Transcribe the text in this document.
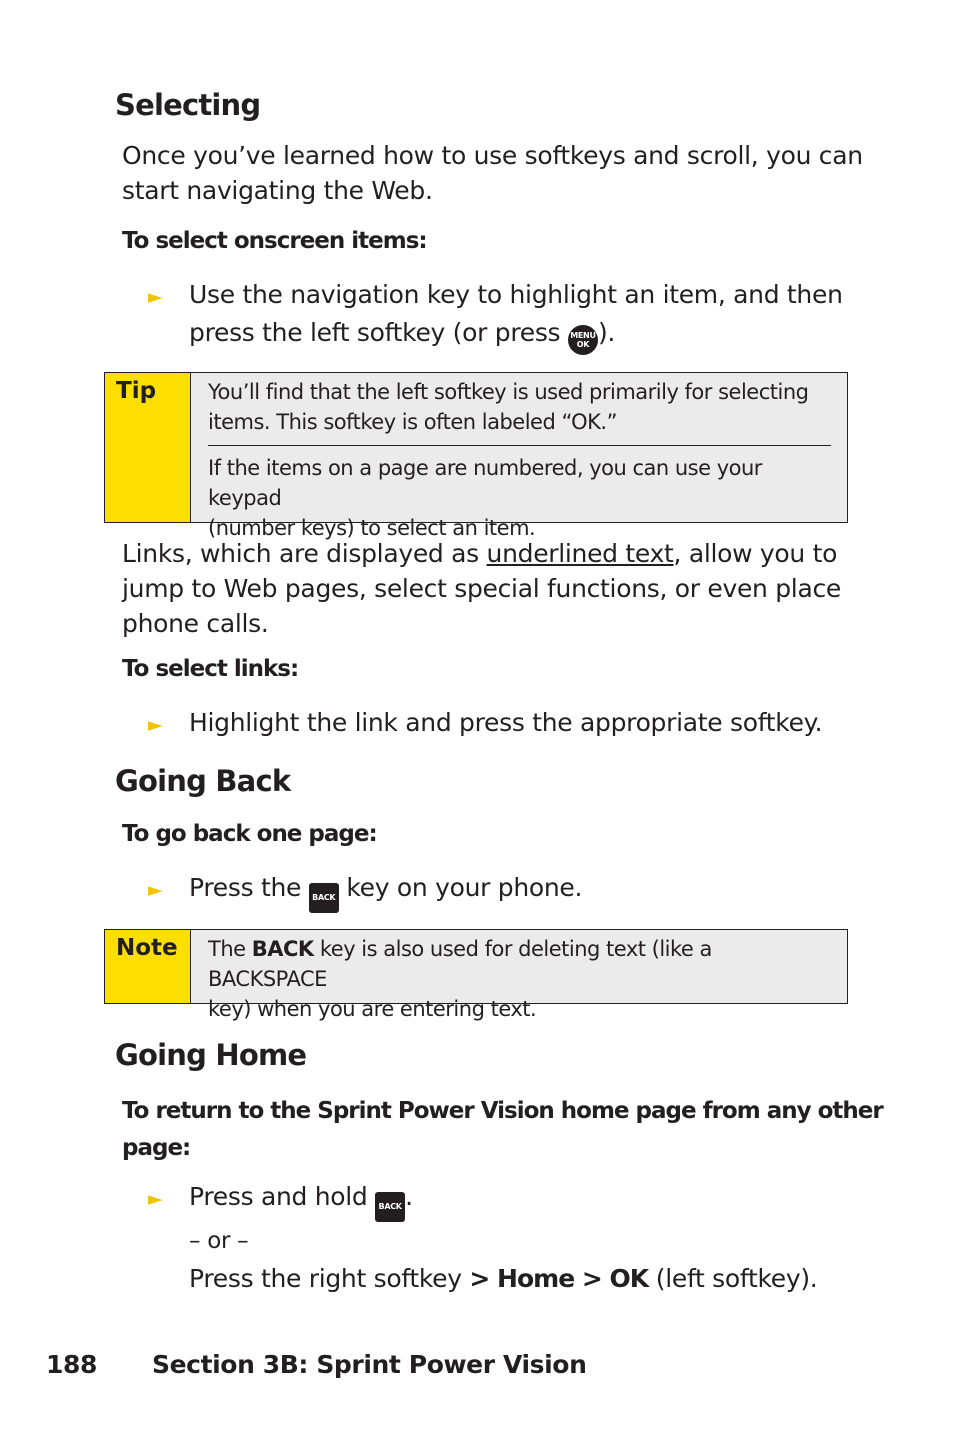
Selecting
Once you’ve learned how to use softkeys and scroll, you can
start navigating the Web.
To select onscreen items:
► Use the navigation key to highlight an item, and then
press the left softkey (or press MENU
OK ).
Tip	You’ll find that the left softkey is used primarily for selecting
items. This softkey is often labeled “OK.”
If the items on a page are numbered, you can use your keypad
(number keys) to select an item.
Links, which are displayed as underlined text, allow you to
jump to Web pages, select special functions, or even place
phone calls.
To select links:
► Highlight the link and press the appropriate softkey.
Going Back
To go back one page:
► Press the BACK key on your phone.
Note	The BACK key is also used for deleting text (like a BACKSPACE
key) when you are entering text.
Going Home
To return to the Sprint Power Vision home page from any other
page:
► Press and hold BACK .
– or –
Press the right softkey > Home > OK (left softkey).
188 Section 3B: Sprint Power Vision
